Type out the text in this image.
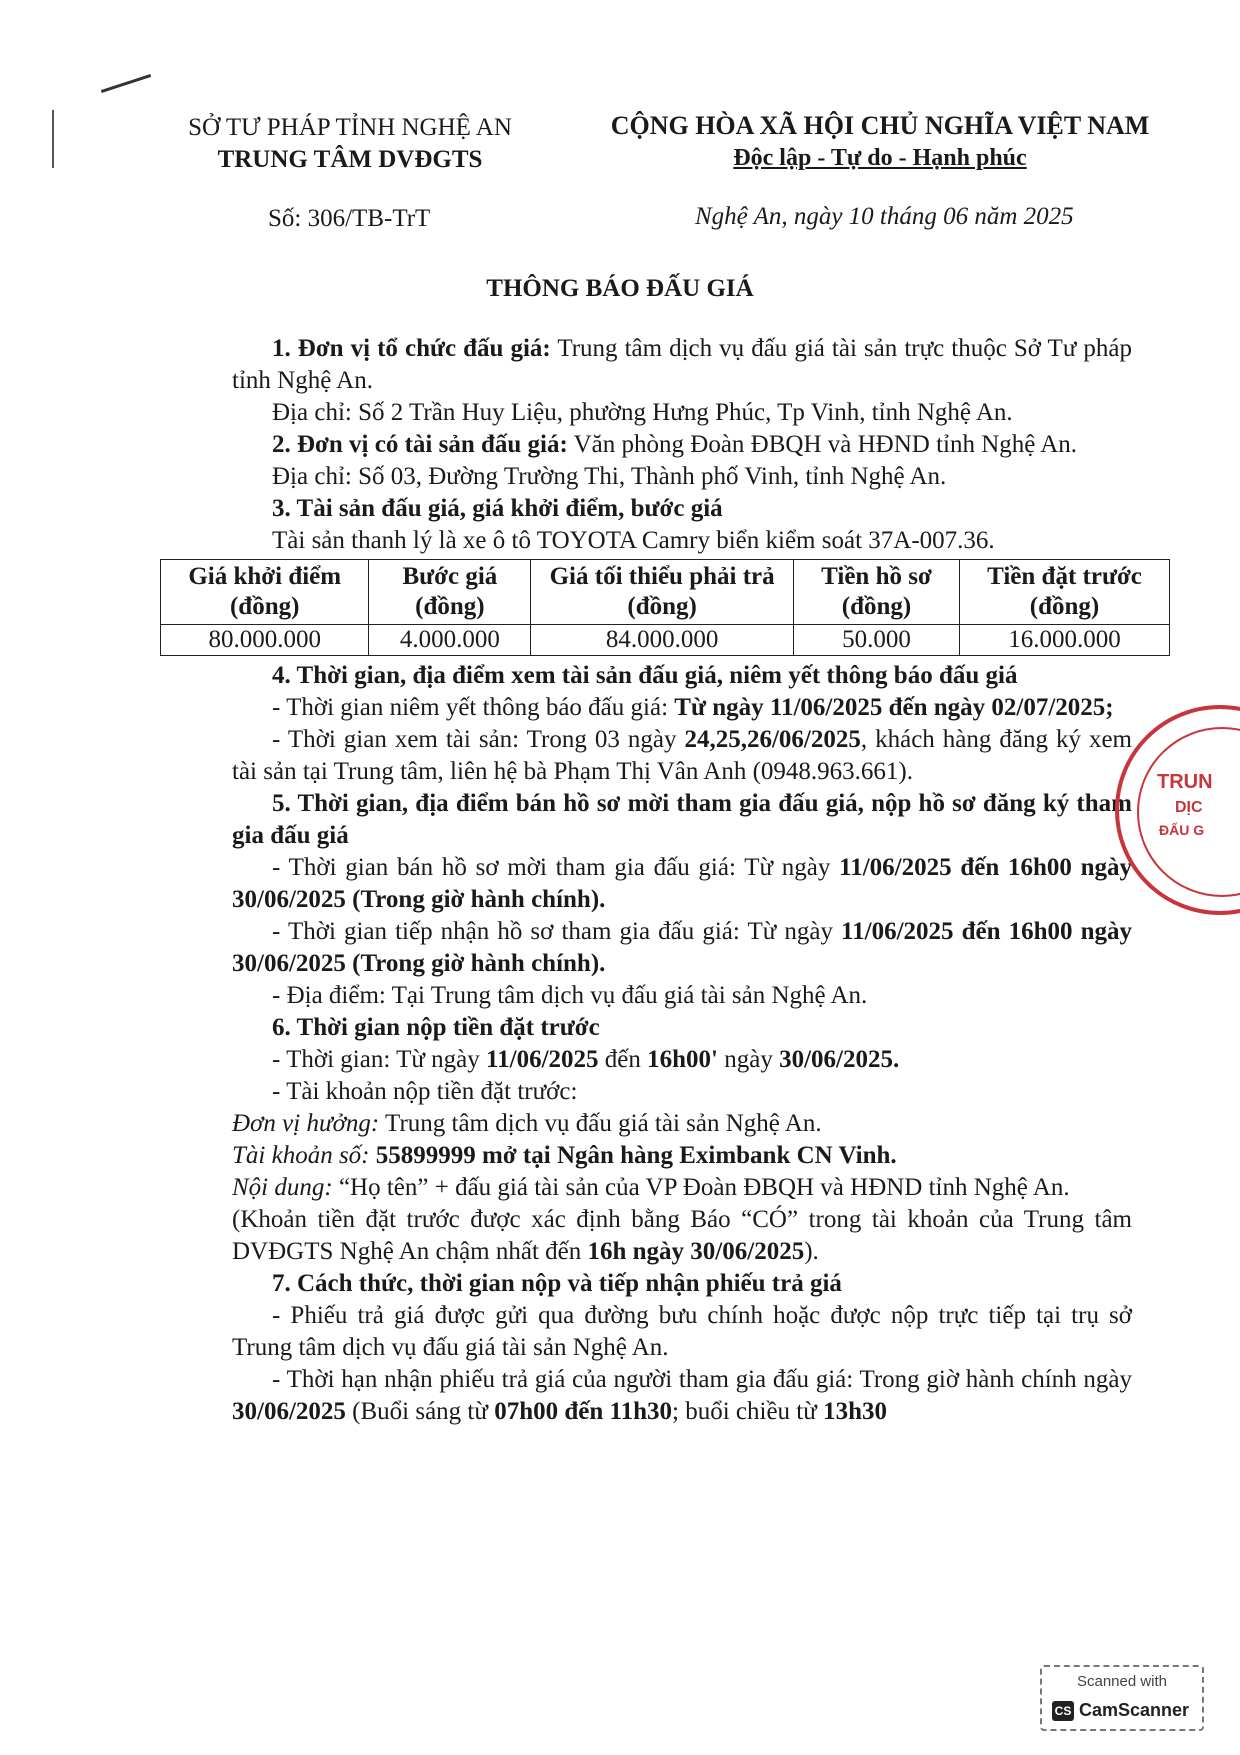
SỞ TƯ PHÁP TỈNH NGHỆ AN
TRUNG TÂM DVĐGTS
CỘNG HÒA XÃ HỘI CHỦ NGHĨA VIỆT NAM
Độc lập - Tự do - Hạnh phúc
Số: 306/TB-TrT	Nghệ An, ngày 10 tháng 06 năm 2025
THÔNG BÁO ĐẤU GIÁ

1. Đơn vị tổ chức đấu giá: Trung tâm dịch vụ đấu giá tài sản trực thuộc Sở Tư pháp tỉnh Nghệ An.

Địa chỉ: Số 2 Trần Huy Liệu, phường Hưng Phúc, Tp Vinh, tỉnh Nghệ An.

2. Đơn vị có tài sản đấu giá: Văn phòng Đoàn ĐBQH và HĐND tỉnh Nghệ An.

Địa chỉ: Số 03, Đường Trường Thi, Thành phố Vinh, tỉnh Nghệ An.

3. Tài sản đấu giá, giá khởi điểm, bước giá

Tài sản thanh lý là xe ô tô TOYOTA Camry biển kiểm soát 37A-007.36.

Giá khởi điểm (đồng)	Bước giá (đồng)	Giá tối thiểu phải trả (đồng)	Tiền hồ sơ (đồng)	Tiền đặt trước (đồng)
80.000.000	4.000.000	84.000.000	50.000	16.000.000

4. Thời gian, địa điểm xem tài sản đấu giá, niêm yết thông báo đấu giá

- Thời gian niêm yết thông báo đấu giá: Từ ngày 11/06/2025 đến ngày 02/07/2025;

- Thời gian xem tài sản: Trong 03 ngày 24,25,26/06/2025, khách hàng đăng ký xem tài sản tại Trung tâm, liên hệ bà Phạm Thị Vân Anh (0948.963.661).

5. Thời gian, địa điểm bán hồ sơ mời tham gia đấu giá, nộp hồ sơ đăng ký tham gia đấu giá

- Thời gian bán hồ sơ mời tham gia đấu giá: Từ ngày 11/06/2025 đến 16h00 ngày 30/06/2025 (Trong giờ hành chính).

- Thời gian tiếp nhận hồ sơ tham gia đấu giá: Từ ngày 11/06/2025 đến 16h00 ngày 30/06/2025 (Trong giờ hành chính).

- Địa điểm: Tại Trung tâm dịch vụ đấu giá tài sản Nghệ An.

6. Thời gian nộp tiền đặt trước

- Thời gian: Từ ngày 11/06/2025 đến 16h00' ngày 30/06/2025.

- Tài khoản nộp tiền đặt trước:

Đơn vị hưởng: Trung tâm dịch vụ đấu giá tài sản Nghệ An.

Tài khoản số: 55899999 mở tại Ngân hàng Eximbank CN Vinh.

Nội dung: “Họ tên” + đấu giá tài sản của VP Đoàn ĐBQH và HĐND tỉnh Nghệ An.

(Khoản tiền đặt trước được xác định bằng Báo “CÓ” trong tài khoản của Trung tâm DVĐGTS Nghệ An chậm nhất đến 16h ngày 30/06/2025).

7. Cách thức, thời gian nộp và tiếp nhận phiếu trả giá

- Phiếu trả giá được gửi qua đường bưu chính hoặc được nộp trực tiếp tại trụ sở Trung tâm dịch vụ đấu giá tài sản Nghệ An.

- Thời hạn nhận phiếu trả giá của người tham gia đấu giá: Trong giờ hành chính ngày 30/06/2025 (Buổi sáng từ 07h00 đến 11h30; buổi chiều từ 13h30

TRUN
DỊC
ĐẤU G
Scanned with
CS CamScanner
